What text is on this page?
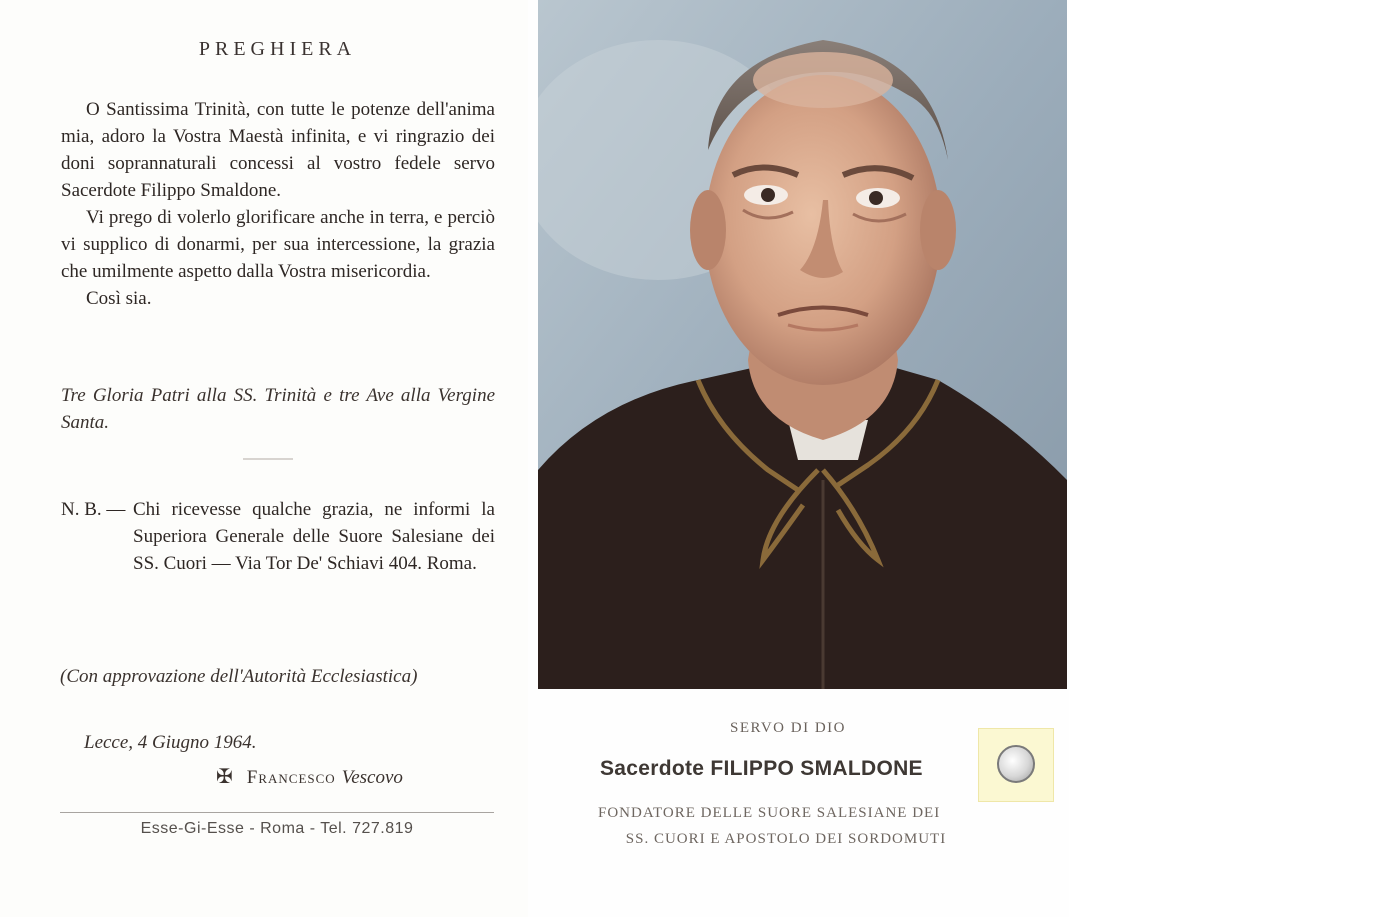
PREGHIERA

O Santissima Trinità, con tutte le potenze dell'anima mia, adoro la Vostra Maestà infinita, e vi ringrazio dei doni soprannaturali concessi al vostro fedele servo Sacerdote Filippo Smaldone.

Vi prego di volerlo glorificare anche in terra, e perciò vi supplico di donarmi, per sua intercessione, la grazia che umilmente aspetto dalla Vostra misericordia.

Così sia.

Tre Gloria Patri alla SS. Trinità e tre Ave alla Vergine Santa.
N. B. — Chi ricevesse qualche grazia, ne informi la Superiora Generale delle Suore Salesiane dei SS. Cuori — Via Tor De' Schiavi 404. Roma.
(Con approvazione dell'Autorità Ecclesiastica)
Lecce, 4 Giugno 1964.
✠ Francesco Vescovo
Esse-Gi-Esse - Roma - Tel. 727.819
SERVO DI DIO
Sacerdote FILIPPO SMALDONE
FONDATORE DELLE SUORE SALESIANE DEI
SS. CUORI E APOSTOLO DEI SORDOMUTI
